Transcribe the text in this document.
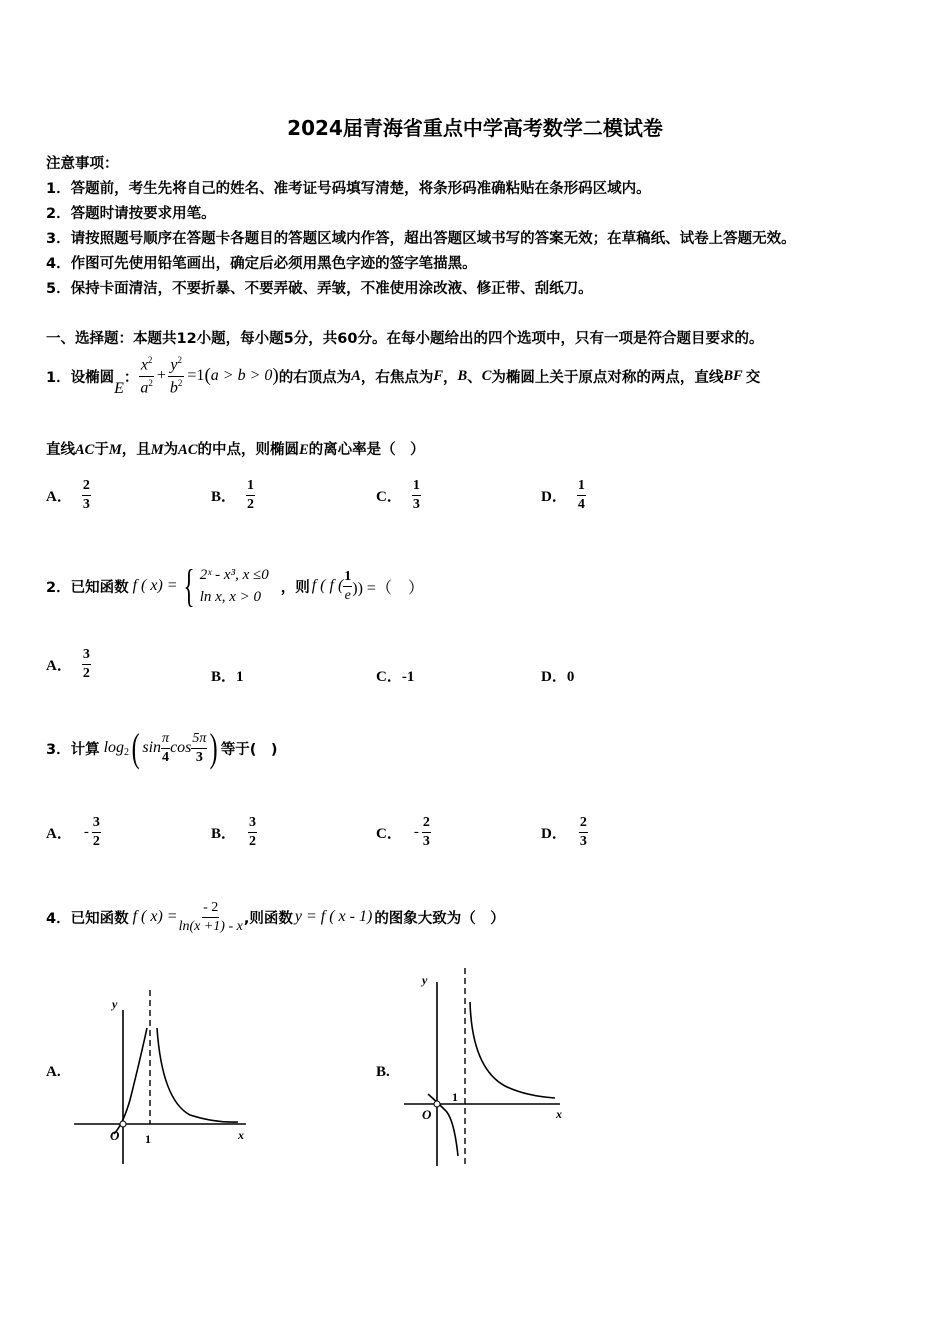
2024届青海省重点中学高考数学二模试卷
注意事项：
1．答题前，考生先将自己的姓名、准考证号码填写清楚，将条形码准确粘贴在条形码区域内。
2．答题时请按要求用笔。
3．请按照题号顺序在答题卡各题目的答题区域内作答，超出答题区域书写的答案无效；在草稿纸、试卷上答题无效。
4．作图可先使用铅笔画出，确定后必须用黑色字迹的签字笔描黑。
5．保持卡面清洁，不要折暴、不要弄破、弄皱，不准使用涂改液、修正带、刮纸刀。
一、选择题：本题共12小题，每小题5分，共60分。在每小题给出的四个选项中，只有一项是符合题目要求的。
1．设椭圆
E
： $\frac{x^2}{a^2} + \frac{y^2}{b^2} =1$ ( a > b > 0 ) 的右顶点为 A ，右焦点为 F ， B 、 C 为椭圆上关于原点对称的两点，直线 BF 交
直线AC于M，且M为AC的中点，则椭圆E的离心率是（　）
A． $\frac{2}{3}$	B． $\frac{1}{2}$	C． $\frac{1}{3}$	D． $\frac{1}{4}$
2．已知函数 f ( x) = { 2ˣ - x³, x ≤0
ln x, x > 0
，则 f ( f ( $\frac{1}{e}$ )) =（　）
A． $\frac{3}{2}$	B．1	C．-1	D．0
3．计算 $\log_2$ ( $\sin \frac{\pi}{4}$ $\cos \frac{5\pi}{3}$ ) 等于(　)
A． - $\frac{3}{2}$	B． $\frac{3}{2}$	C． - $\frac{2}{3}$	D． $\frac{2}{3}$
4．已知函数 f ( $x) = \frac{- 2}{\ln(x +1) - x}$ ,则函数 y = f ( x - 1) 的图象大致为（　）
A.
y
x
O 1
B.
y
x
O
1
